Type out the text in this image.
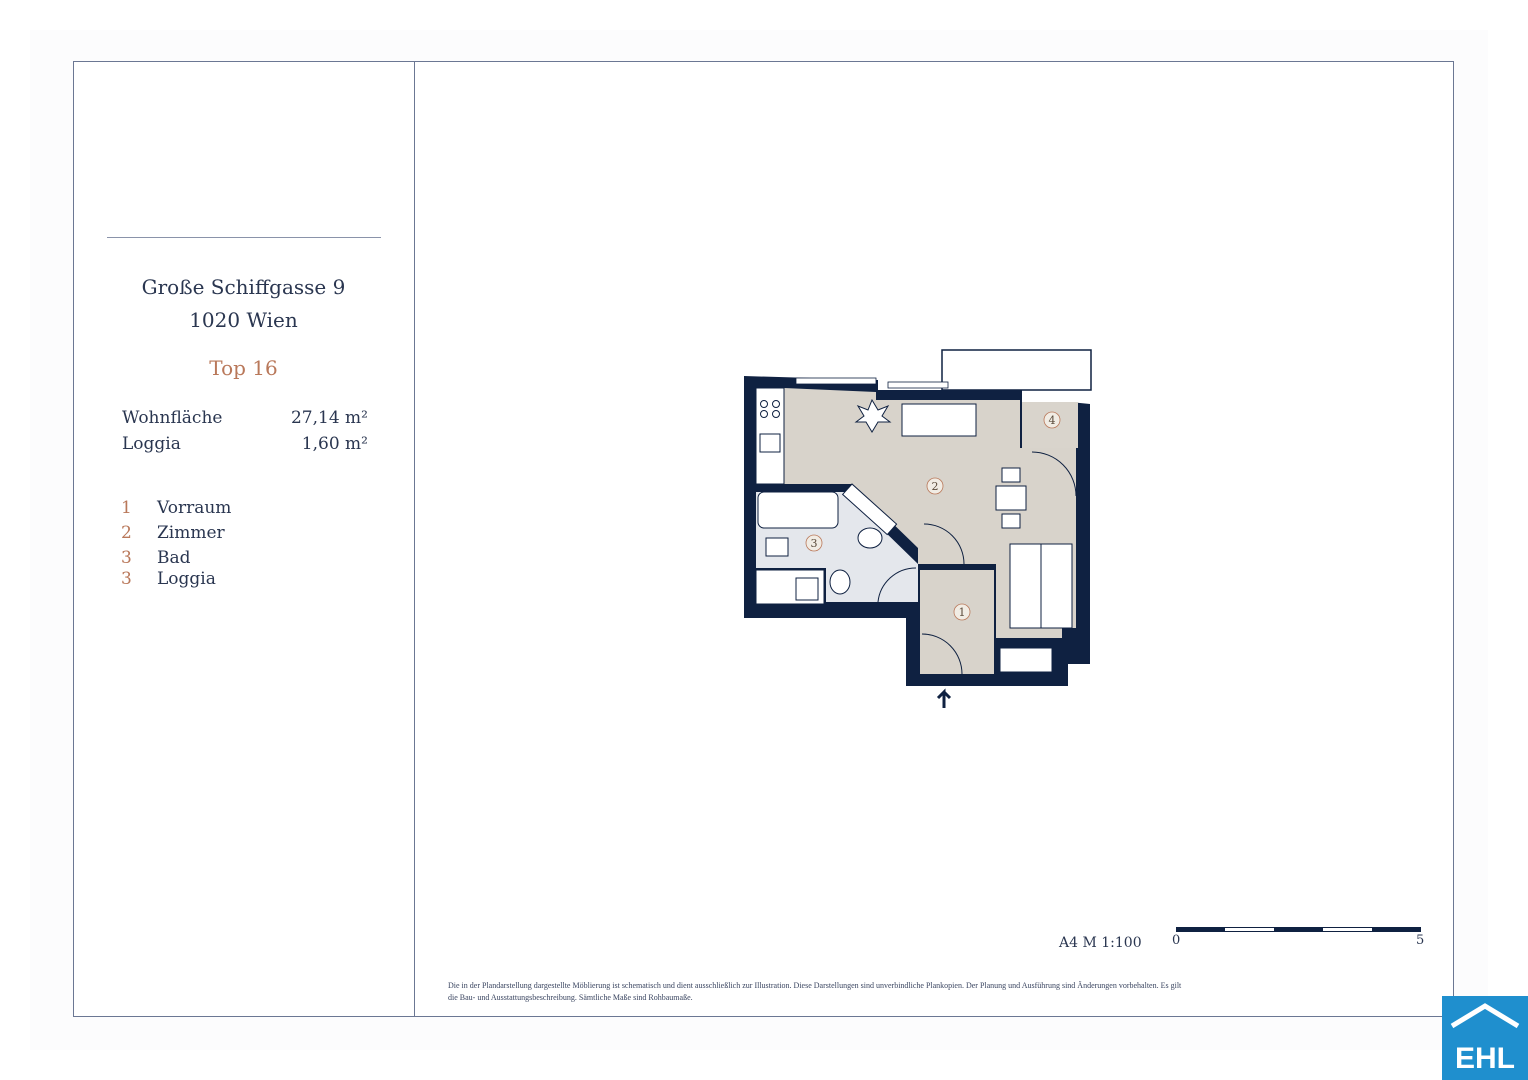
Große Schiffgasse 9
1020 Wien
Top 16
Wohnfläche	27,14 m²
Loggia	1,60 m²
1 Vorraum
2 Zimmer
3 Bad
3 Loggia
1
2
3
4
A4 M 1:100 0	5
Die in der Plandarstellung dargestellte Möblierung ist schematisch und dient ausschließlich zur Illustration. Diese Darstellungen sind unverbindliche Plankopien. Der Planung und Ausführung sind Änderungen vorbehalten. Es gilt die Bau- und Ausstattungsbeschreibung. Sämtliche Maße sind Rohbaumaße.
EHL
